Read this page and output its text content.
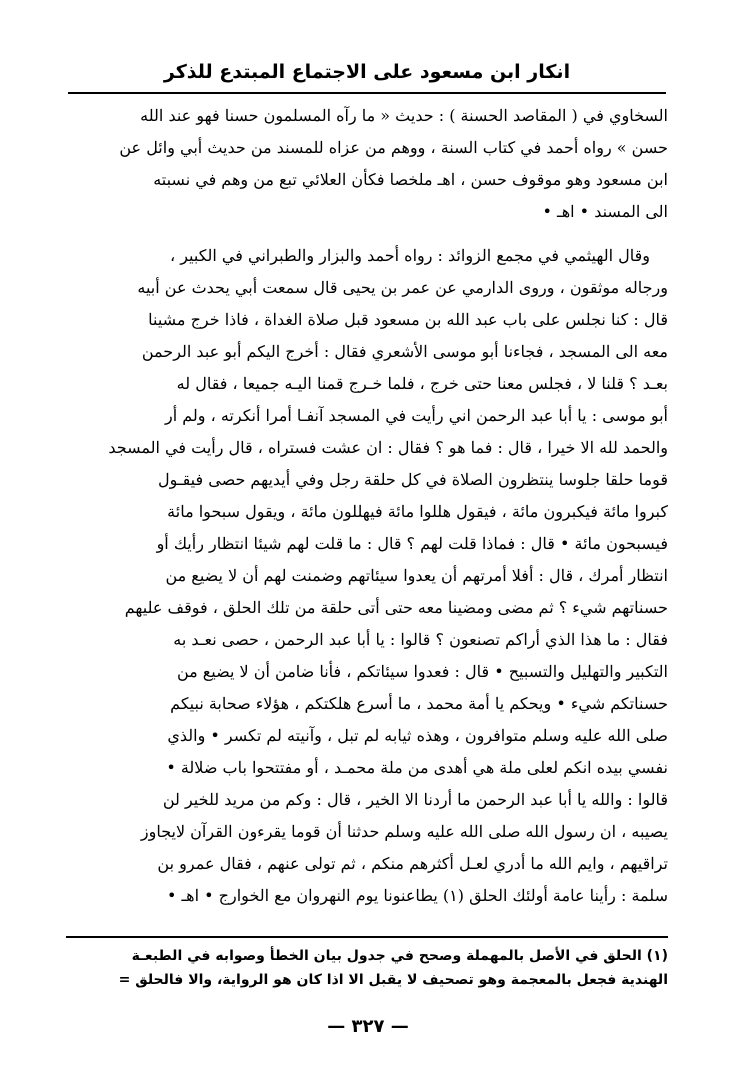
انكار ابن مسعود على الاجتماع المبتدع للذكر
السخاوي في ( المقاصد الحسنة ) : حديث « ما رآه المسلمون حسنا فهو عند الله
حسن » رواه أحمد في كتاب السنة ، ووهم من عزاه للمسند من حديث أبي وائل عن
ابن مسعود وهو موقوف حسن ، اهـ ملخصا فكأن العلائي تبع من وهم في نسبته
الى المسند • اهـ •
وقال الهيثمي في مجمع الزوائد : رواه أحمد والبزار والطبراني في الكبير ،
ورجاله موثقون ، وروى الدارمي عن عمر بن يحيى قال سمعت أبي يحدث عن أبيه
قال : كنا نجلس على باب عبد الله بن مسعود قبل صلاة الغداة ، فاذا خرج مشينا
معه الى المسجد ، فجاءنا أبو موسى الأشعري فقال : أخرج اليكم أبو عبد الرحمن
بعـد ؟ قلنا لا ، فجلس معنا حتى خرج ، فلما خـرج قمنا اليـه جميعا ، فقال له
أبو موسى : يا أبا عبد الرحمن اني رأيت في المسجد آنفـا أمرا أنكرته ، ولم أر
والحمد لله الا خيرا ، قال : فما هو ؟ فقال : ان عشت فستراه ، قال رأيت في المسجد
قوما حلقا جلوسا ينتظرون الصلاة في كل حلقة رجل وفي أيديهم حصى فيقـول
كبروا مائة فيكبرون مائة ، فيقول هللوا مائة فيهللون مائة ، ويقول سبحوا مائة
فيسبحون مائة • قال : فماذا قلت لهم ؟ قال : ما قلت لهم شيئا انتظار رأيك أو
انتظار أمرك ، قال : أفلا أمرتهم أن يعدوا سيئاتهم وضمنت لهم أن لا يضيع من
حسناتهم شيء ؟ ثم مضى ومضينا معه حتى أتى حلقة من تلك الحلق ، فوقف عليهم
فقال : ما هذا الذي أراكم تصنعون ؟ قالوا : يا أبا عبد الرحمن ، حصى نعـد به
التكبير والتهليل والتسبيح • قال : فعدوا سيئاتكم ، فأنا ضامن أن لا يضيع من
حسناتكم شيء • ويحكم يا أمة محمد ، ما أسرع هلكتكم ، هؤلاء صحابة نبيكم
صلى الله عليه وسلم متوافرون ، وهذه ثيابه لم تبل ، وآنيته لم تكسر • والذي
نفسي بيده انكم لعلى ملة هي أهدى من ملة محمـد ، أو مفتتحوا باب ضلالة •
قالوا : والله يا أبا عبد الرحمن ما أردنا الا الخير ، قال : وكم من مريد للخير لن
يصيبه ، ان رسول الله صلى الله عليه وسلم حدثنا أن قوما يقرءون القرآن لايجاوز
تراقيهم ، وايم الله ما أدري لعـل أكثرهم منكم ، ثم تولى عنهم ، فقال عمرو بن
سلمة : رأينا عامة أولئك الحلق (١) يطاعنونا يوم النهروان مع الخوارج • اهـ •
(١) الحلق في الأصل بالمهملة وصحح في جدول بيان الخطأ وصوابه في الطبعـة
الهندية فجعل بالمعجمة وهو تصحيف لا يقبل الا اذا كان هو الرواية، والا فالحلق =
— ٣٢٧ —
